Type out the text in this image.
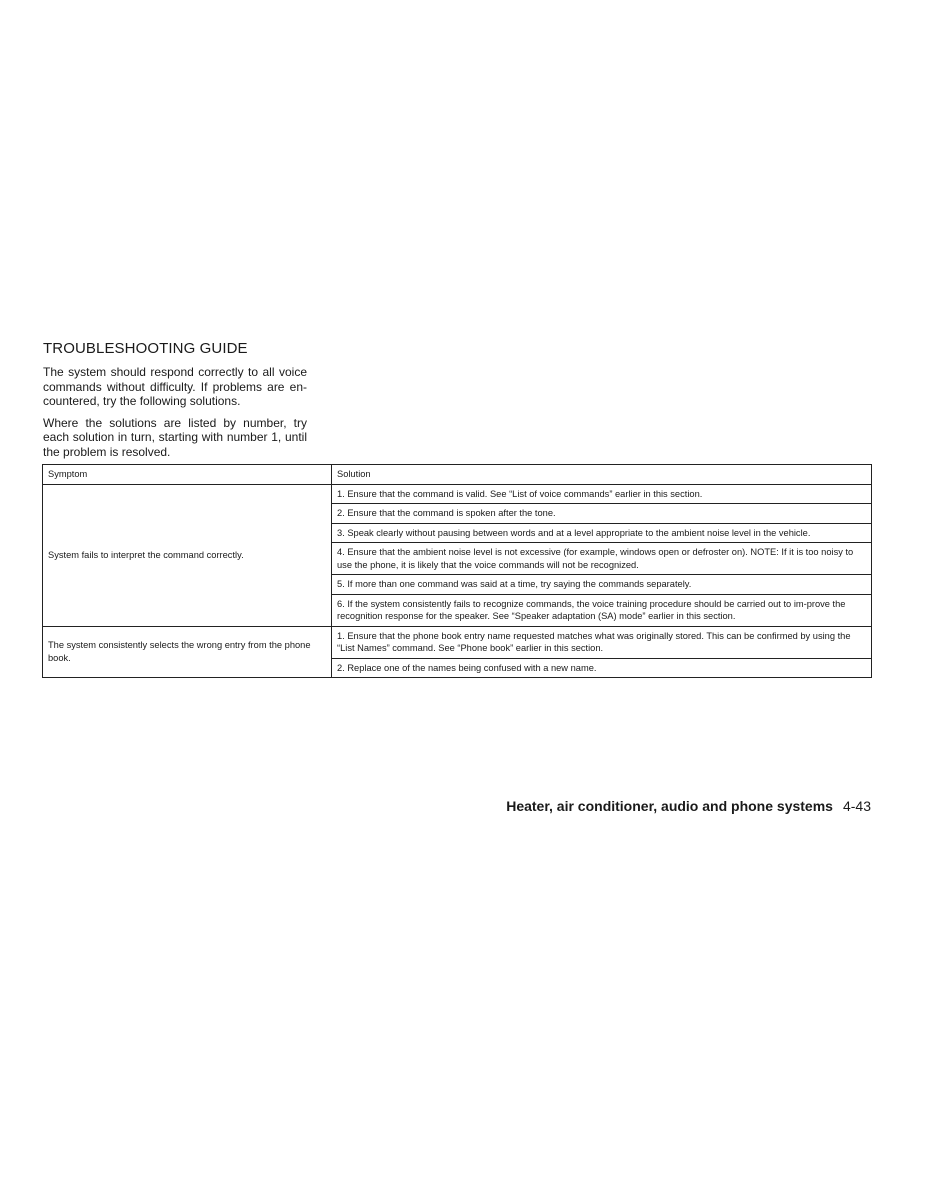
TROUBLESHOOTING GUIDE

The system should respond correctly to all voice commands without difficulty. If problems are en-countered, try the following solutions.

Where the solutions are listed by number, try each solution in turn, starting with number 1, until the problem is resolved.

Symptom	Solution
System fails to interpret the command correctly.	1. Ensure that the command is valid. See “List of voice commands” earlier in this section.
	2. Ensure that the command is spoken after the tone.
	3. Speak clearly without pausing between words and at a level appropriate to the ambient noise level in the vehicle.
	4. Ensure that the ambient noise level is not excessive (for example, windows open or defroster on). NOTE: If it is too noisy to use the phone, it is likely that the voice commands will not be recognized.
	5. If more than one command was said at a time, try saying the commands separately.
	6. If the system consistently fails to recognize commands, the voice training procedure should be carried out to im-prove the recognition response for the speaker. See “Speaker adaptation (SA) mode” earlier in this section.
The system consistently selects the wrong entry from the phone book.	1. Ensure that the phone book entry name requested matches what was originally stored. This can be confirmed by using the “List Names” command. See “Phone book” earlier in this section.
	2. Replace one of the names being confused with a new name.
Heater, air conditioner, audio and phone systems 4-43
